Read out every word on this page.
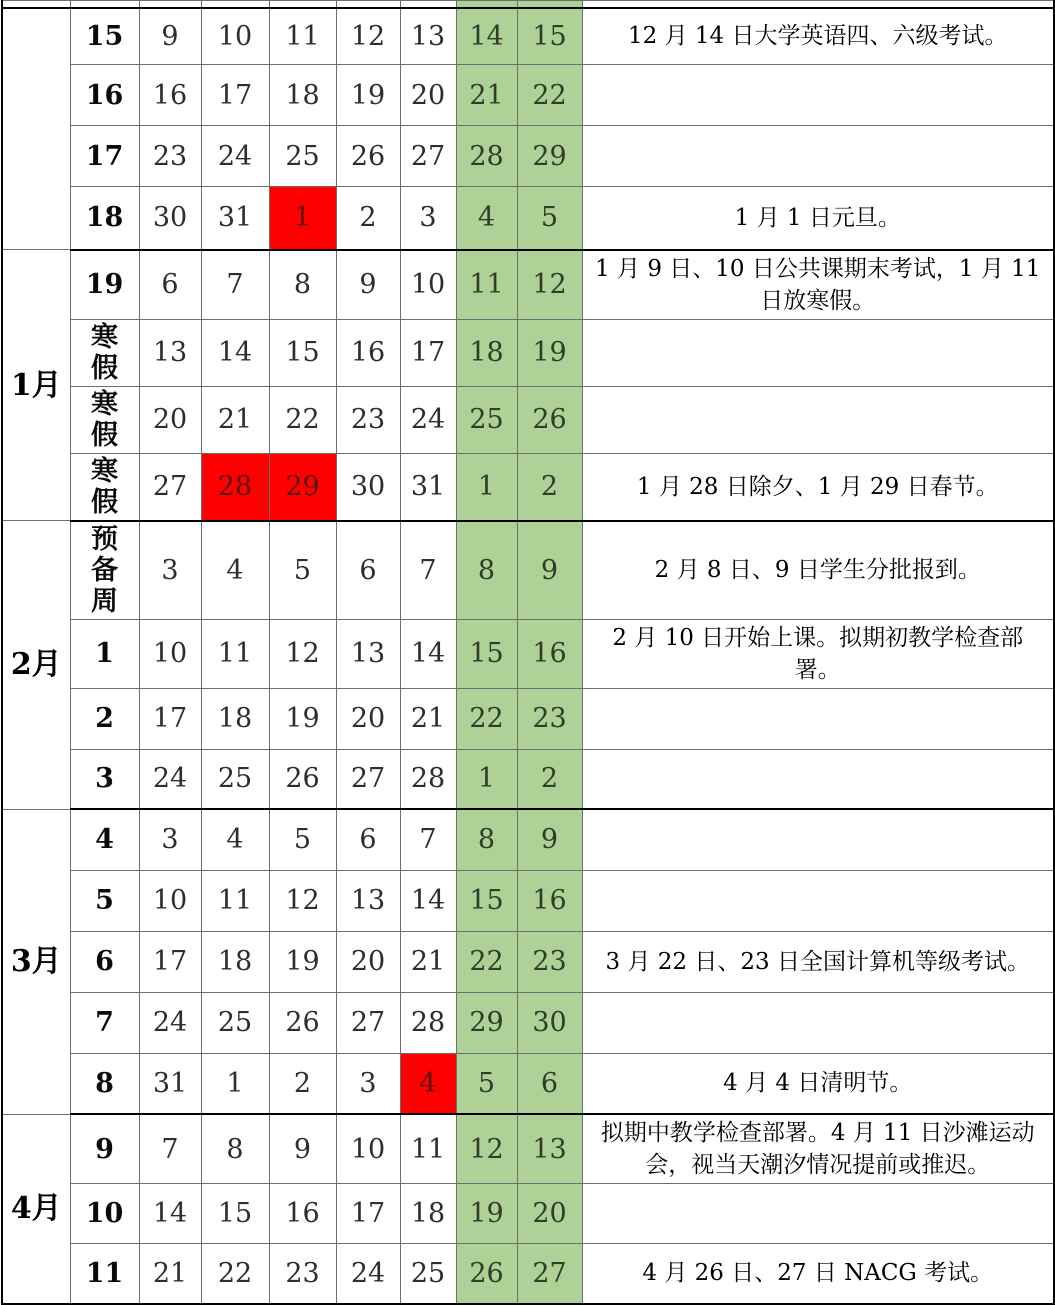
	15	9	10	11	12	13	14	15	12 月 14 日大学英语四、六级考试。
	16	16	17	18	19	20	21	22	
	17	23	24	25	26	27	28	29	
	18	30	31	1	2	3	4	5	1 月 1 日元旦。
1月	19	6	7	8	9	10	11	12	1 月 9 日、10 日公共课期末考试，1 月 11 日放寒假。
	寒假	13	14	15	16	17	18	19	
	寒假	20	21	22	23	24	25	26	
	寒假	27	28	29	30	31	1	2	1 月 28 日除夕、1 月 29 日春节。
2月	预备周	3	4	5	6	7	8	9	2 月 8 日、9 日学生分批报到。
	1	10	11	12	13	14	15	16	2 月 10 日开始上课。拟期初教学检查部署。
	2	17	18	19	20	21	22	23	
	3	24	25	26	27	28	1	2	
3月	4	3	4	5	6	7	8	9	
	5	10	11	12	13	14	15	16	
	6	17	18	19	20	21	22	23	3 月 22 日、23 日全国计算机等级考试。
	7	24	25	26	27	28	29	30	
	8	31	1	2	3	4	5	6	4 月 4 日清明节。
4月	9	7	8	9	10	11	12	13	拟期中教学检查部署。4 月 11 日沙滩运动会，视当天潮汐情况提前或推迟。
	10	14	15	16	17	18	19	20	
	11	21	22	23	24	25	26	27	4 月 26 日、27 日 NACG 考试。
